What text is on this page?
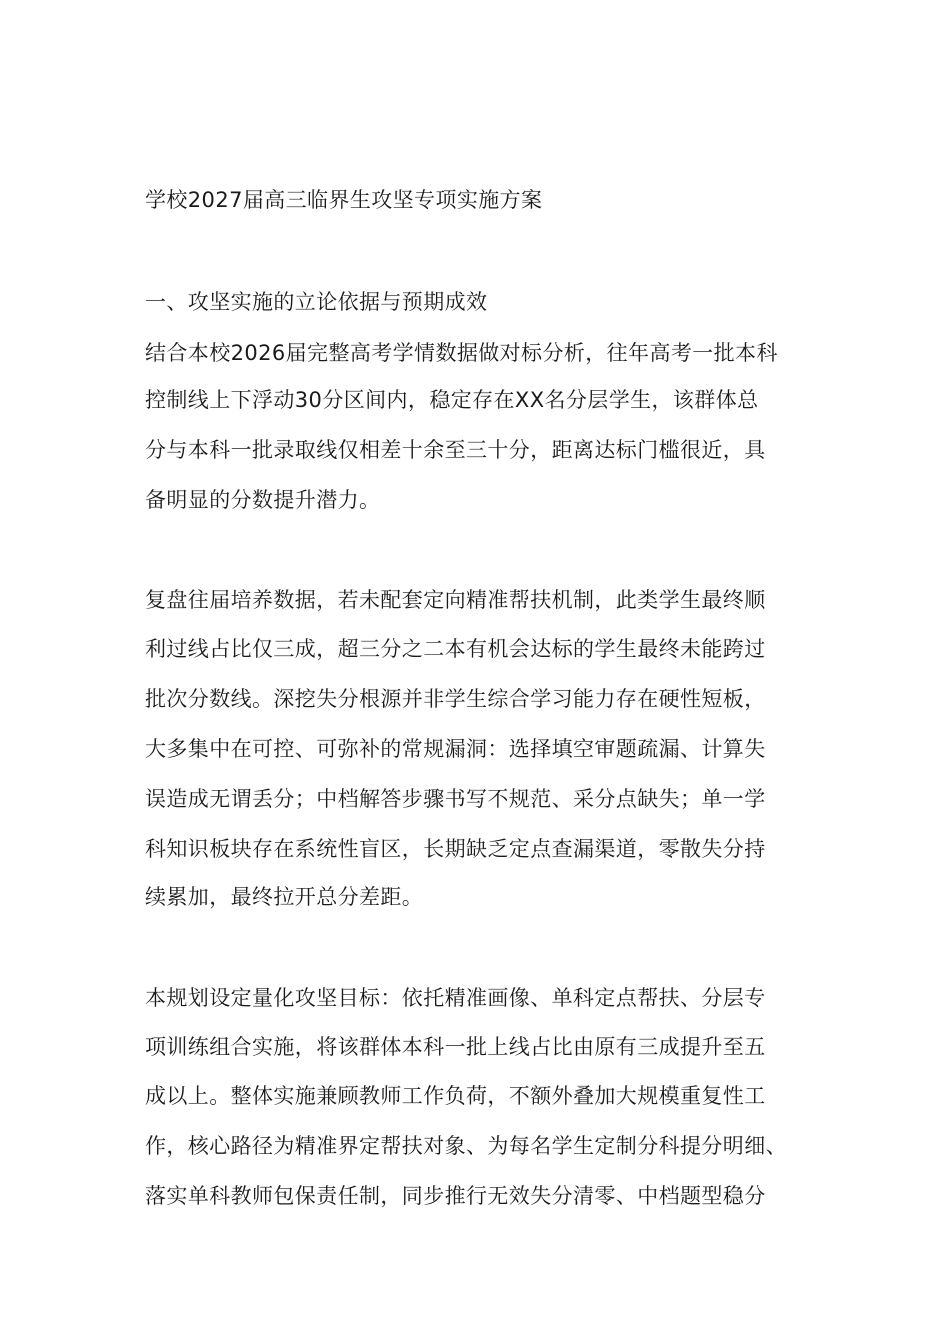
学校2027届高三临界生攻坚专项实施方案
一、攻坚实施的立论依据与预期成效
结合本校2026届完整高考学情数据做对标分析，往年高考一批本科
控制线上下浮动30分区间内，稳定存在XX名分层学生，该群体总
分与本科一批录取线仅相差十余至三十分，距离达标门槛很近，具
备明显的分数提升潜力。
复盘往届培养数据，若未配套定向精准帮扶机制，此类学生最终顺
利过线占比仅三成，超三分之二本有机会达标的学生最终未能跨过
批次分数线。深挖失分根源并非学生综合学习能力存在硬性短板，
大多集中在可控、可弥补的常规漏洞：选择填空审题疏漏、计算失
误造成无谓丢分；中档解答步骤书写不规范、采分点缺失；单一学
科知识板块存在系统性盲区，长期缺乏定点查漏渠道，零散失分持
续累加，最终拉开总分差距。
本规划设定量化攻坚目标：依托精准画像、单科定点帮扶、分层专
项训练组合实施，将该群体本科一批上线占比由原有三成提升至五
成以上。整体实施兼顾教师工作负荷，不额外叠加大规模重复性工
作，核心路径为精准界定帮扶对象、为每名学生定制分科提分明细、
落实单科教师包保责任制，同步推行无效失分清零、中档题型稳分
